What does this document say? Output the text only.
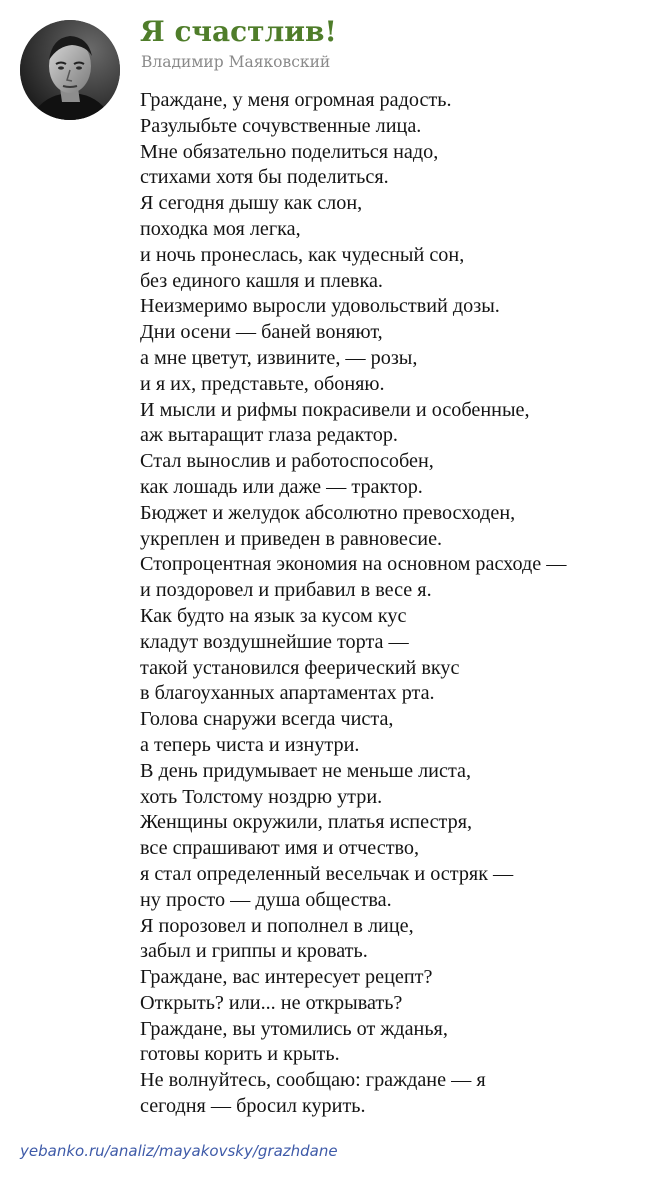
Я счастлив!
Владимир Маяковский
Граждане, у меня огромная радость.
Разулыбьте сочувственные лица.
Мне обязательно поделиться надо,
стихами хотя бы поделиться.
Я сегодня дышу как слон,
походка моя легка,
и ночь пронеслась, как чудесный сон,
без единого кашля и плевка.
Неизмеримо выросли удовольствий дозы.
Дни осени — баней воняют,
а мне цветут, извините, — розы,
и я их, представьте, обоняю.
И мысли и рифмы покрасивели и особенные,
аж вытаращит глаза редактор.
Стал вынослив и работоспособен,
как лошадь или даже — трактор.
Бюджет и желудок абсолютно превосходен,
укреплен и приведен в равновесие.
Стопроцентная экономия на основном расходе —
и поздоровел и прибавил в весе я.
Как будто на язык за кусом кус
кладут воздушнейшие торта —
такой установился феерический вкус
в благоуханных апартаментах рта.
Голова снаружи всегда чиста,
а теперь чиста и изнутри.
В день придумывает не меньше листа,
хоть Толстому ноздрю утри.
Женщины окружили, платья испестря,
все спрашивают имя и отчество,
я стал определенный весельчак и остряк —
ну просто — душа общества.
Я порозовел и пополнел в лице,
забыл и гриппы и кровать.
Граждане, вас интересует рецепт?
Открыть? или... не открывать?
Граждане, вы утомились от жданья,
готовы корить и крыть.
Не волнуйтесь, сообщаю: граждане — я
сегодня — бросил курить.
yebanko.ru/analiz/mayakovsky/grazhdane
